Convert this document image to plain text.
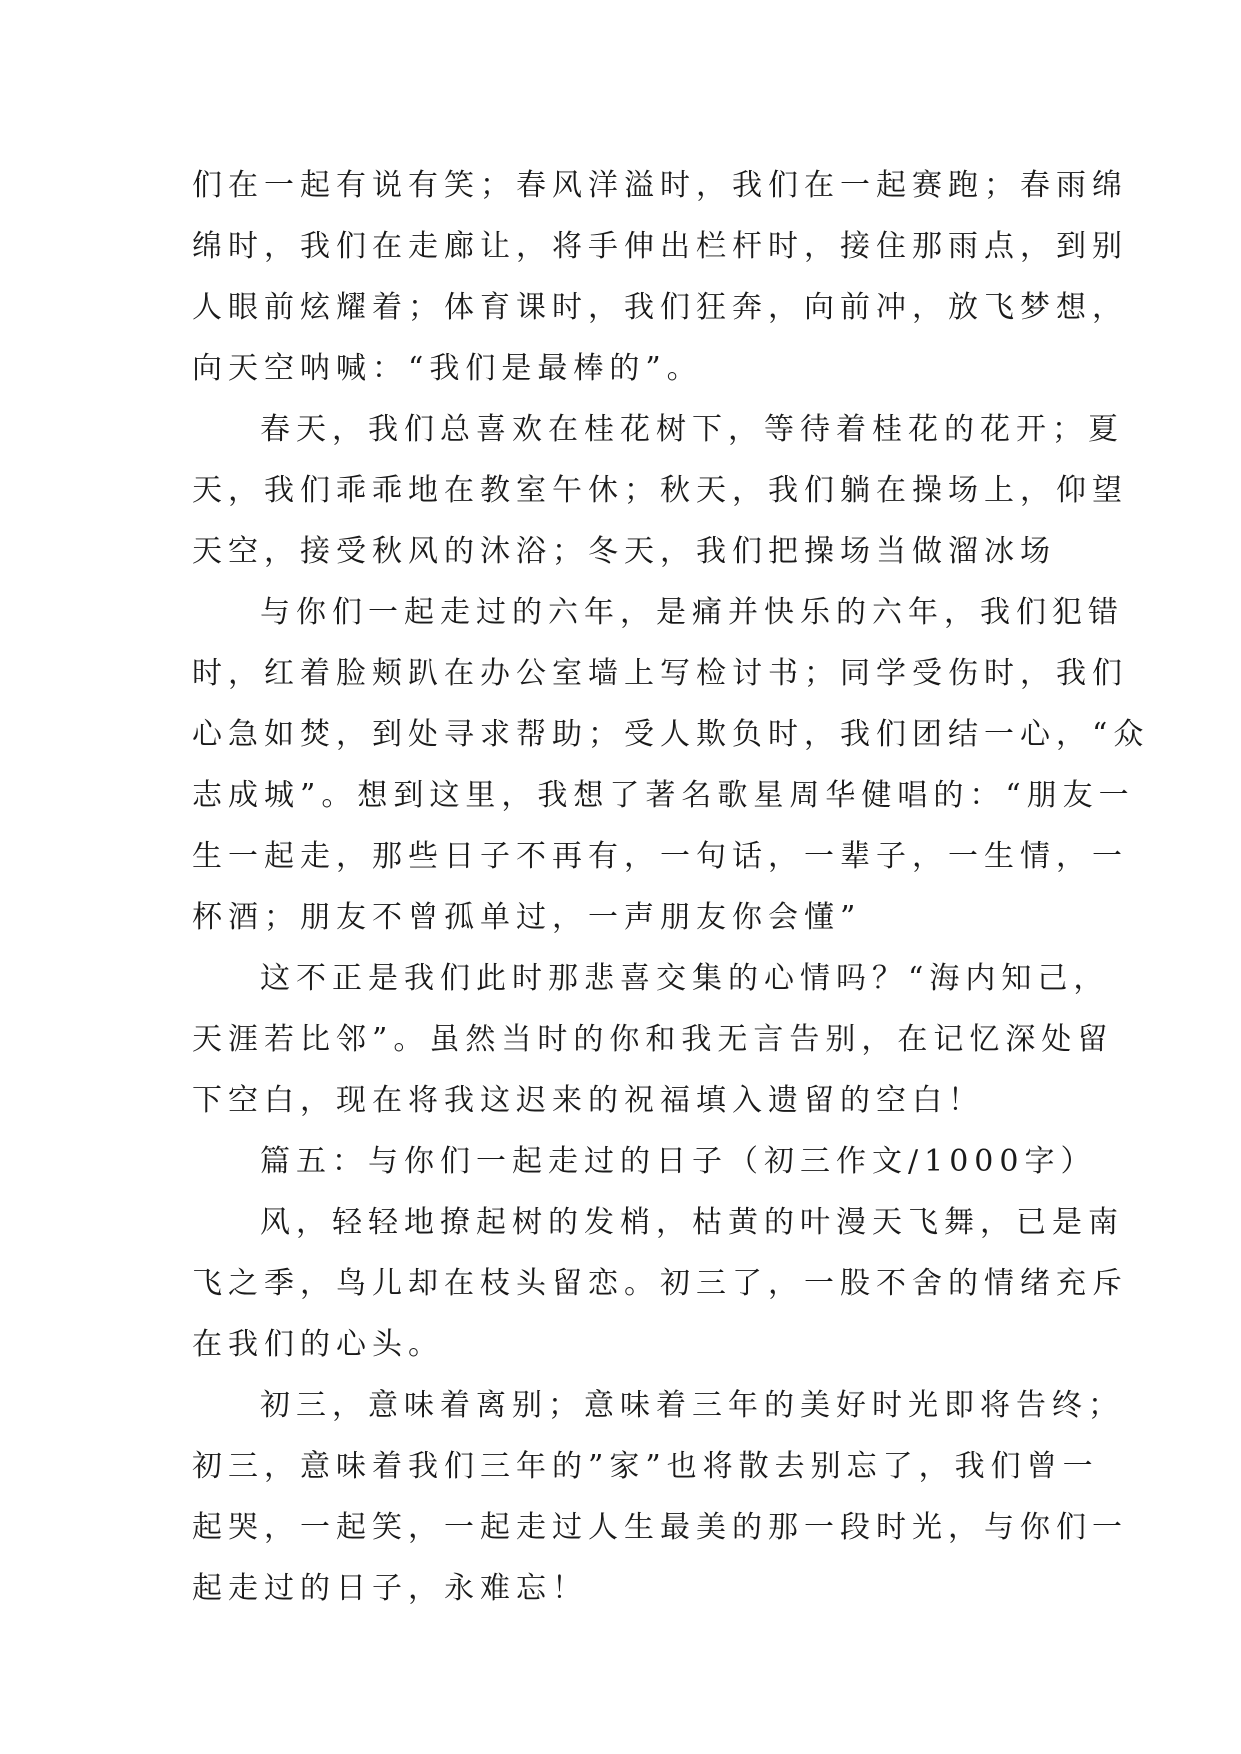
们在一起有说有笑；春风洋溢时，我们在一起赛跑；春雨绵
绵时，我们在走廊让，将手伸出栏杆时，接住那雨点，到别
人眼前炫耀着；体育课时，我们狂奔，向前冲，放飞梦想，
向天空呐喊：“我们是最棒的”。
春天，我们总喜欢在桂花树下，等待着桂花的花开；夏
天，我们乖乖地在教室午休；秋天，我们躺在操场上，仰望
天空，接受秋风的沐浴；冬天，我们把操场当做溜冰场
与你们一起走过的六年，是痛并快乐的六年，我们犯错
时，红着脸颊趴在办公室墙上写检讨书；同学受伤时，我们
心急如焚，到处寻求帮助；受人欺负时，我们团结一心，“众
志成城”。想到这里，我想了著名歌星周华健唱的：“朋友一
生一起走，那些日子不再有，一句话，一辈子，一生情，一
杯酒；朋友不曾孤单过，一声朋友你会懂”
这不正是我们此时那悲喜交集的心情吗？“海内知己，
天涯若比邻”。虽然当时的你和我无言告别，在记忆深处留
下空白，现在将我这迟来的祝福填入遗留的空白！
篇五：与你们一起走过的日子（初三作文/1000字）
风，轻轻地撩起树的发梢，枯黄的叶漫天飞舞，已是南
飞之季，鸟儿却在枝头留恋。初三了，一股不舍的情绪充斥
在我们的心头。
初三，意味着离别；意味着三年的美好时光即将告终；
初三，意味着我们三年的”家”也将散去别忘了，我们曾一
起哭，一起笑，一起走过人生最美的那一段时光，与你们一
起走过的日子，永难忘！
